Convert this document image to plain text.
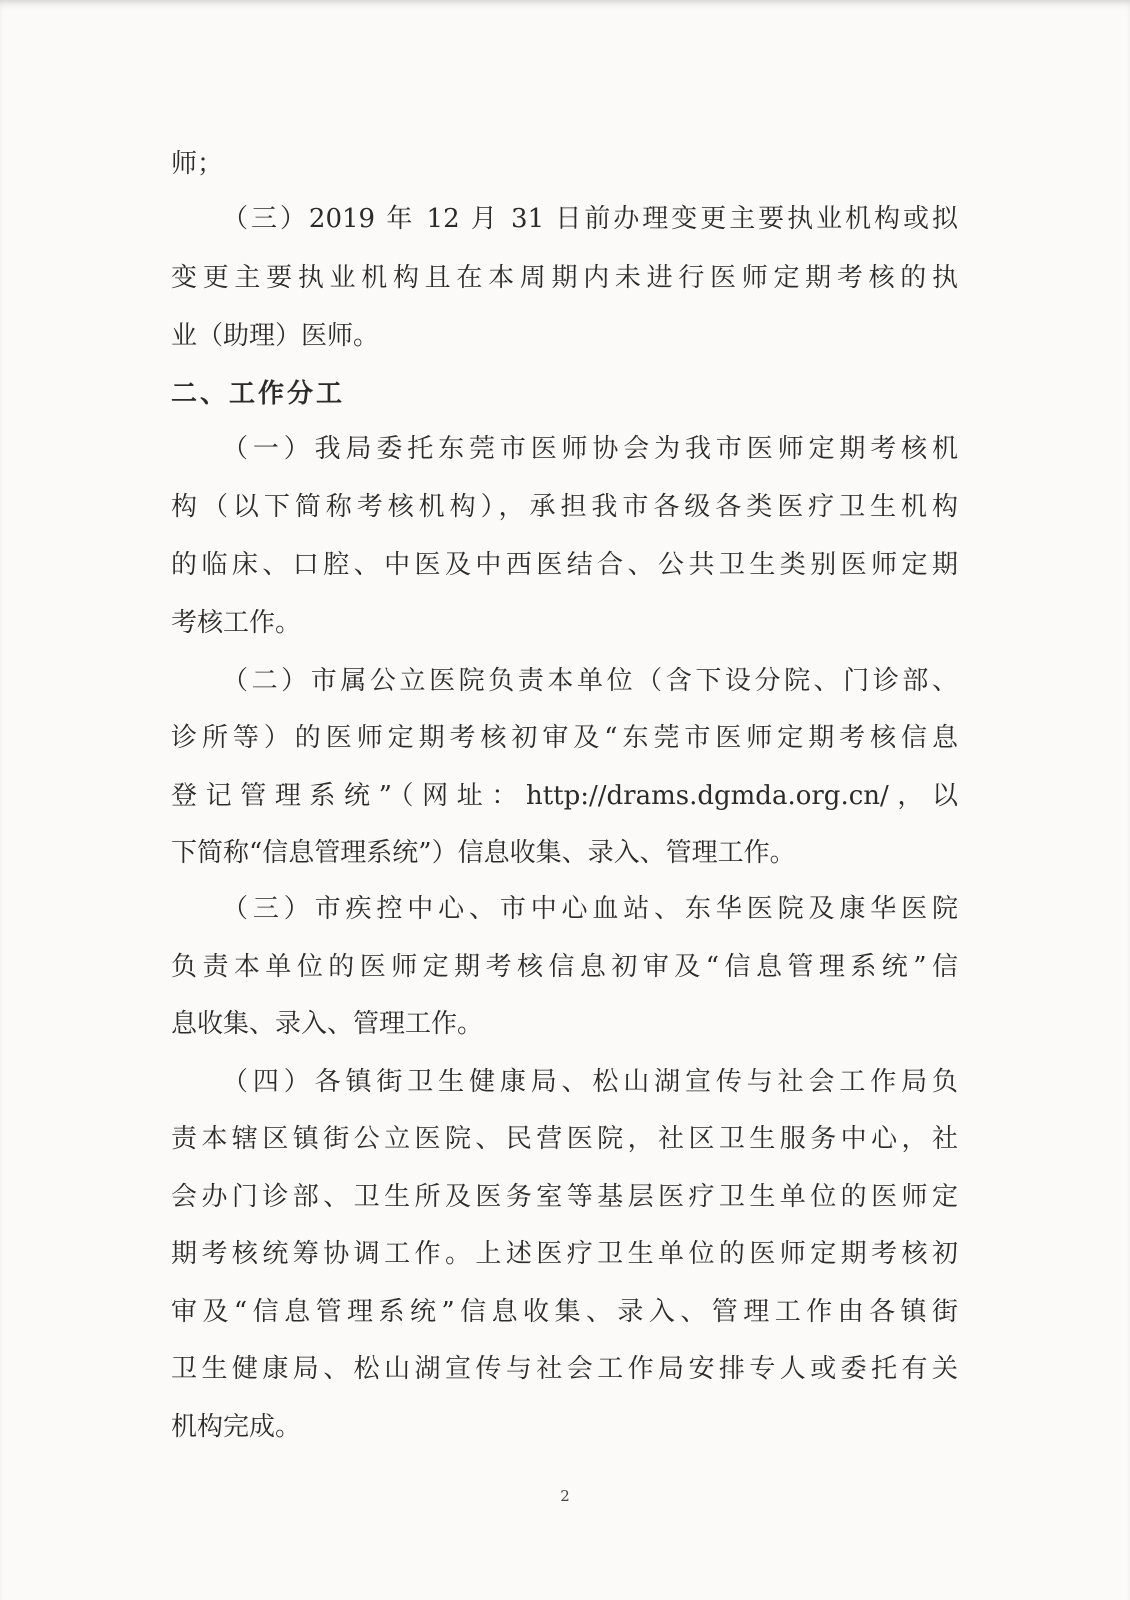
师；

（三）2019 年 12 月 31 日前办理变更主要执业机构或拟

变更主要执业机构且在本周期内未进行医师定期考核的执

业（助理）医师。

二、工作分工

（一）我局委托东莞市医师协会为我市医师定期考核机

构（以下简称考核机构），承担我市各级各类医疗卫生机构

的临床、口腔、中医及中西医结合、公共卫生类别医师定期

考核工作。

（二）市属公立医院负责本单位（含下设分院、门诊部、

诊所等）的医师定期考核初审及“东莞市医师定期考核信息

登记管理系统”（网址：http://drams.dgmda.org.cn/，以

下简称“信息管理系统”）信息收集、录入、管理工作。

（三）市疾控中心、市中心血站、东华医院及康华医院

负责本单位的医师定期考核信息初审及“信息管理系统”信

息收集、录入、管理工作。

（四）各镇街卫生健康局、松山湖宣传与社会工作局负

责本辖区镇街公立医院、民营医院，社区卫生服务中心，社

会办门诊部、卫生所及医务室等基层医疗卫生单位的医师定

期考核统筹协调工作。上述医疗卫生单位的医师定期考核初

审及“信息管理系统”信息收集、录入、管理工作由各镇街

卫生健康局、松山湖宣传与社会工作局安排专人或委托有关

机构完成。

2
